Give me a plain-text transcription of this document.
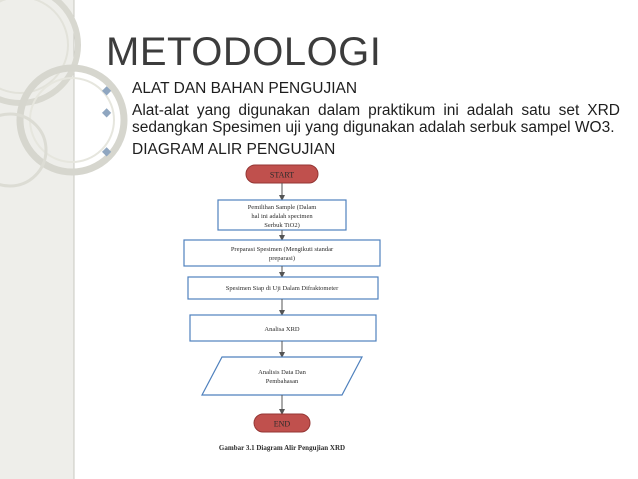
METODOLOGI
◆ ALAT DAN BAHAN PENGUJIAN
◆ Alat-alat yang digunakan dalam praktikum ini adalah satu set XRD sedangkan Spesimen uji yang digunakan adalah serbuk sampel WO3.
◆ DIAGRAM ALIR PENGUJIAN
START
Pemilihan Sample (Dalam
hal ini adalah specimen
Serbuk TiO2)
Preparasi Spesimen (Mengikuti standar
preparasi)
Spesimen Siap di Uji Dalam Difraktometer
Analisa XRD
Analisis Data Dan
Pembahasan
END
Gambar 3.1 Diagram Alir Pengujian XRD
